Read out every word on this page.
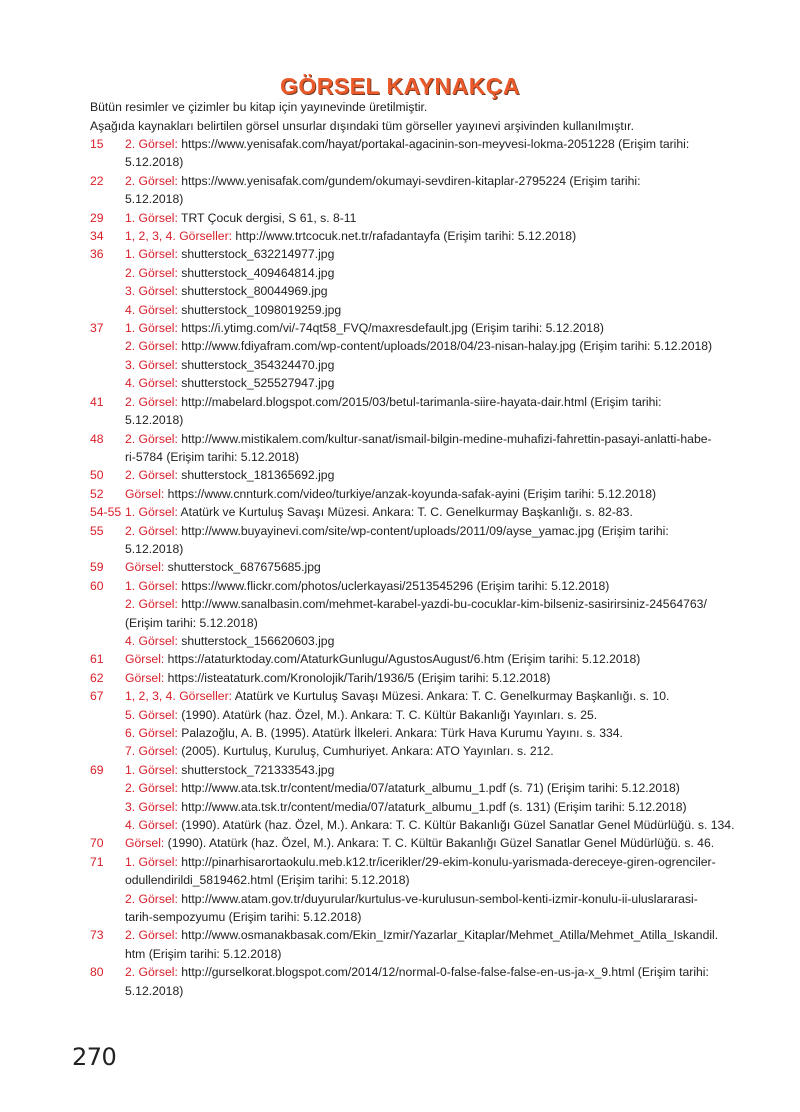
GÖRSEL KAYNAKÇA
Bütün resimler ve çizimler bu kitap için yayınevinde üretilmiştir.
Aşağıda kaynakları belirtilen görsel unsurlar dışındaki tüm görseller yayınevi arşivinden kullanılmıştır.
15	2. Görsel: https://www.yenisafak.com/hayat/portakal-agacinin-son-meyvesi-lokma-2051228 (Erişim tarihi:
5.12.2018)
22	2. Görsel: https://www.yenisafak.com/gundem/okumayi-sevdiren-kitaplar-2795224 (Erişim tarihi:
5.12.2018)
29	1. Görsel: TRT Çocuk dergisi, S 61, s. 8-11
34	1, 2, 3, 4. Görseller: http://www.trtcocuk.net.tr/rafadantayfa (Erişim tarihi: 5.12.2018)
36	1. Görsel: shutterstock_632214977.jpg
2. Görsel: shutterstock_409464814.jpg
3. Görsel: shutterstock_80044969.jpg
4. Görsel: shutterstock_1098019259.jpg
37	1. Görsel: https://i.ytimg.com/vi/-74qt58_FVQ/maxresdefault.jpg (Erişim tarihi: 5.12.2018)
2. Görsel: http://www.fdiyafram.com/wp-content/uploads/2018/04/23-nisan-halay.jpg (Erişim tarihi: 5.12.2018)
3. Görsel: shutterstock_354324470.jpg
4. Görsel: shutterstock_525527947.jpg
41	2. Görsel: http://mabelard.blogspot.com/2015/03/betul-tarimanla-siire-hayata-dair.html (Erişim tarihi:
5.12.2018)
48	2. Görsel: http://www.mistikalem.com/kultur-sanat/ismail-bilgin-medine-muhafizi-fahrettin-pasayi-anlatti-habe-
ri-5784 (Erişim tarihi: 5.12.2018)
50	2. Görsel: shutterstock_181365692.jpg
52	Görsel: https://www.cnnturk.com/video/turkiye/anzak-koyunda-safak-ayini (Erişim tarihi: 5.12.2018)
54-55 1. Görsel: Atatürk ve Kurtuluş Savaşı Müzesi. Ankara: T. C. Genelkurmay Başkanlığı. s. 82-83.
55	2. Görsel: http://www.buyayinevi.com/site/wp-content/uploads/2011/09/ayse_yamac.jpg (Erişim tarihi:
5.12.2018)
59	Görsel: shutterstock_687675685.jpg
60	1. Görsel: https://www.flickr.com/photos/uclerkayasi/2513545296 (Erişim tarihi: 5.12.2018)
2. Görsel: http://www.sanalbasin.com/mehmet-karabel-yazdi-bu-cocuklar-kim-bilseniz-sasirirsiniz-24564763/
(Erişim tarihi: 5.12.2018)
4. Görsel: shutterstock_156620603.jpg
61	Görsel: https://ataturktoday.com/AtaturkGunlugu/AgustosAugust/6.htm (Erişim tarihi: 5.12.2018)
62	Görsel: https://isteataturk.com/Kronolojik/Tarih/1936/5 (Erişim tarihi: 5.12.2018)
67	1, 2, 3, 4. Görseller: Atatürk ve Kurtuluş Savaşı Müzesi. Ankara: T. C. Genelkurmay Başkanlığı. s. 10.
5. Görsel: (1990). Atatürk (haz. Özel, M.). Ankara: T. C. Kültür Bakanlığı Yayınları. s. 25.
6. Görsel: Palazoğlu, A. B. (1995). Atatürk İlkeleri. Ankara: Türk Hava Kurumu Yayını. s. 334.
7. Görsel: (2005). Kurtuluş, Kuruluş, Cumhuriyet. Ankara: ATO Yayınları. s. 212.
69	1. Görsel: shutterstock_721333543.jpg
2. Görsel: http://www.ata.tsk.tr/content/media/07/ataturk_albumu_1.pdf (s. 71) (Erişim tarihi: 5.12.2018)
3. Görsel: http://www.ata.tsk.tr/content/media/07/ataturk_albumu_1.pdf (s. 131) (Erişim tarihi: 5.12.2018)
4. Görsel: (1990). Atatürk (haz. Özel, M.). Ankara: T. C. Kültür Bakanlığı Güzel Sanatlar Genel Müdürlüğü. s. 134.
70	Görsel: (1990). Atatürk (haz. Özel, M.). Ankara: T. C. Kültür Bakanlığı Güzel Sanatlar Genel Müdürlüğü. s. 46.
71	1. Görsel: http://pinarhisarortaokulu.meb.k12.tr/icerikler/29-ekim-konulu-yarismada-dereceye-giren-ogrenciler-
odullendirildi_5819462.html (Erişim tarihi: 5.12.2018)
2. Görsel: http://www.atam.gov.tr/duyurular/kurtulus-ve-kurulusun-sembol-kenti-izmir-konulu-ii-uluslararasi-
tarih-sempozyumu (Erişim tarihi: 5.12.2018)
73	2. Görsel: http://www.osmanakbasak.com/Ekin_Izmir/Yazarlar_Kitaplar/Mehmet_Atilla/Mehmet_Atilla_Iskandil.
htm (Erişim tarihi: 5.12.2018)
80	2. Görsel: http://gurselkorat.blogspot.com/2014/12/normal-0-false-false-false-en-us-ja-x_9.html (Erişim tarihi:
5.12.2018)
270
